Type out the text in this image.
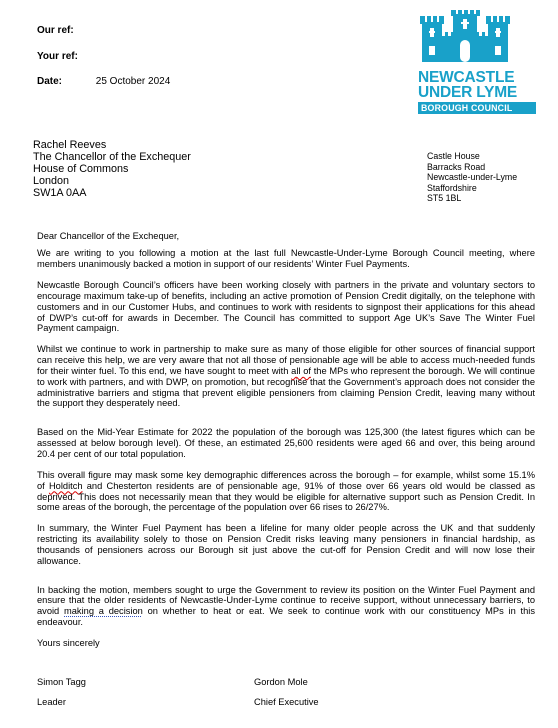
Our ref:
Your ref:
Date:	25 October 2024	NEWCASTLE
UNDER LYME
BOROUGH COUNCIL
Rachel Reeves
The Chancellor of the Exchequer
House of Commons
London
SW1A 0AA
Castle House
Barracks Road
Newcastle-under-Lyme
Staffordshire
ST5 1BL

Dear Chancellor of the Exchequer,

We are writing to you following a motion at the last full Newcastle-Under-Lyme Borough Council meeting, where members unanimously backed a motion in support of our residents’ Winter Fuel Payments.

Newcastle Borough Council’s officers have been working closely with partners in the private and voluntary sectors to encourage maximum take-up of benefits, including an active promotion of Pension Credit digitally, on the telephone with customers and in our Customer Hubs, and continues to work with residents to signpost their applications for this ahead of DWP’s cut-off for awards in December. The Council has committed to support Age UK’s Save The Winter Fuel Payment campaign.

Whilst we continue to work in partnership to make sure as many of those eligible for other sources of financial support can receive this help, we are very aware that not all those of pensionable age will be able to access much-needed funds for their winter fuel. To this end, we have sought to meet with all of the MPs who represent the borough. We will continue to work with partners, and with DWP, on promotion, but recognise that the Government’s approach does not consider the administrative barriers and stigma that prevent eligible pensioners from claiming Pension Credit, leaving many without the support they desperately need.

Based on the Mid-Year Estimate for 2022 the population of the borough was 125,300 (the latest figures which can be assessed at below borough level). Of these, an estimated 25,600 residents were aged 66 and over, this being around 20.4 per cent of our total population.

This overall figure may mask some key demographic differences across the borough – for example, whilst some 15.1% of Holditch and Chesterton residents are of pensionable age, 91% of those over 66 years old would be classed as deprived. This does not necessarily mean that they would be eligible for alternative support such as Pension Credit. In some areas of the borough, the percentage of the population over 66 rises to 26/27%.

In summary, the Winter Fuel Payment has been a lifeline for many older people across the UK and that suddenly restricting its availability solely to those on Pension Credit risks leaving many pensioners in financial hardship, as thousands of pensioners across our Borough sit just above the cut-off for Pension Credit and will now lose their allowance.

In backing the motion, members sought to urge the Government to review its position on the Winter Fuel Payment and ensure that the older residents of Newcastle-Under-Lyme continue to receive support, without unnecessary barriers, to avoid making a decision on whether to heat or eat. We seek to continue work with our constituency MPs in this endeavour.

Yours sincerely

Simon Tagg
Leader
Gordon Mole
Chief Executive
